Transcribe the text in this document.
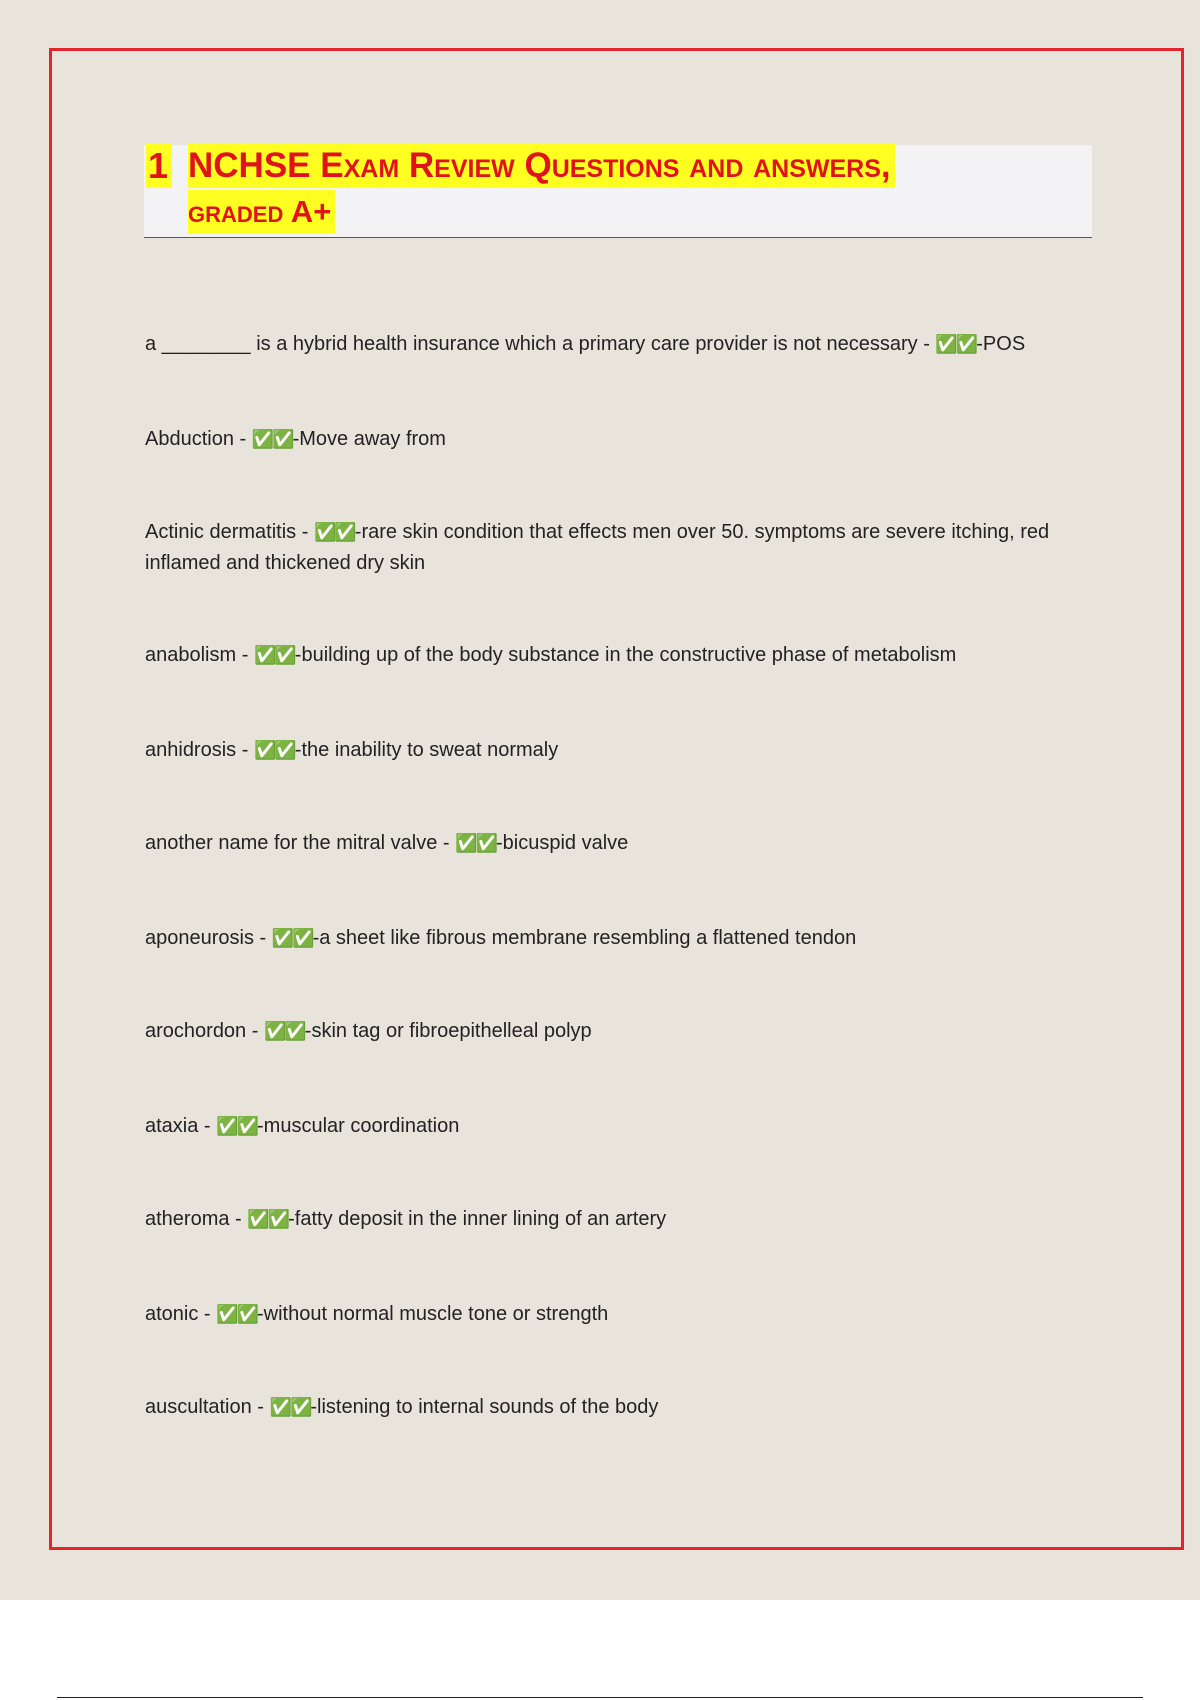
1 NCHSE Exam Review Questions and answers,
graded A+
a ________ is a hybrid health insurance which a primary care provider is not necessary - ✅✅-POS
Abduction - ✅✅-Move away from
Actinic dermatitis - ✅✅-rare skin condition that effects men over 50. symptoms are severe itching, red inflamed and thickened dry skin
anabolism - ✅✅-building up of the body substance in the constructive phase of metabolism
anhidrosis - ✅✅-the inability to sweat normaly
another name for the mitral valve - ✅✅-bicuspid valve
aponeurosis - ✅✅-a sheet like fibrous membrane resembling a flattened tendon
arochordon - ✅✅-skin tag or fibroepithelleal polyp
ataxia - ✅✅-muscular coordination
atheroma - ✅✅-fatty deposit in the inner lining of an artery
atonic - ✅✅-without normal muscle tone or strength
auscultation - ✅✅-listening to internal sounds of the body
